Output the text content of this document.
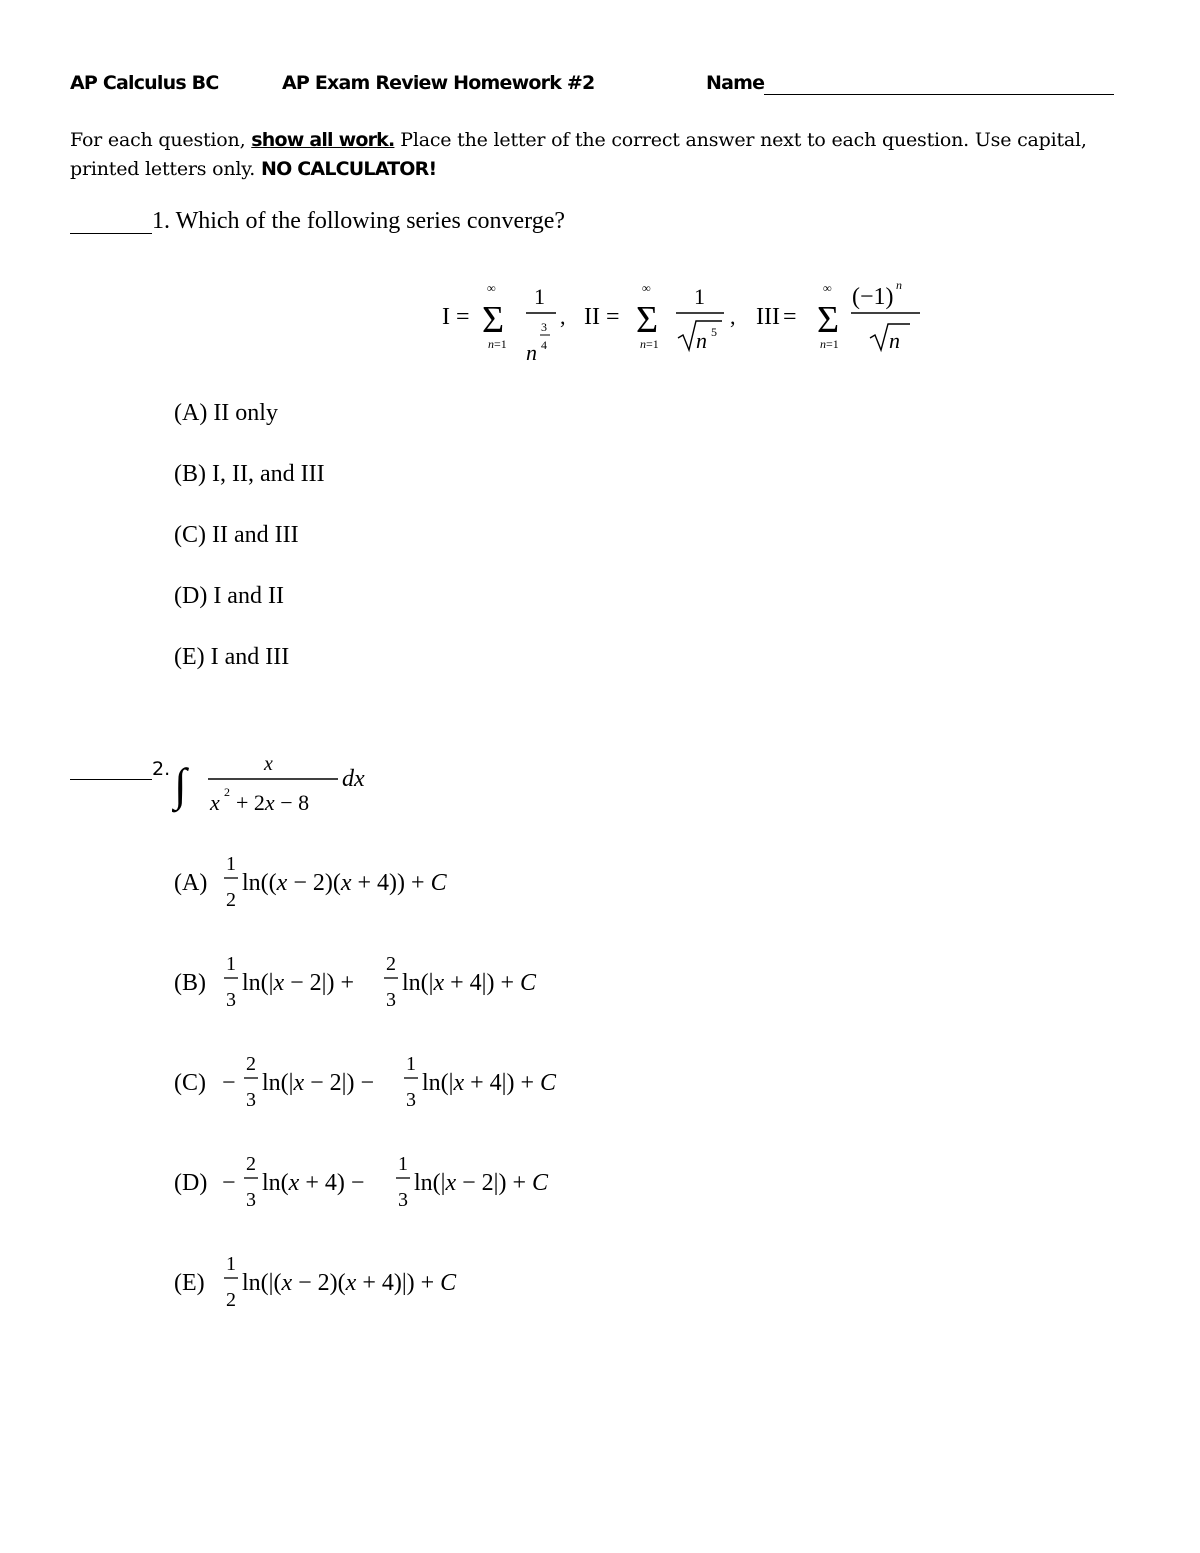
AP Calculus BC	AP Exam Review Homework #2	Name
For each question, show all work. Place the letter of the correct answer next to each question. Use capital, printed letters only. NO CALCULATOR!
1. Which of the following series converge?
I =
∞
Σ
n=1
1
n
3
4
, II =
∞
Σ
n=1
1
n 5
, III =
∞
Σ
n=1
(−1) n
n
(A) II only
(B) I, II, and III
(C) II and III
(D) I and II
(E) I and III
2. ∫	x
x 2 + 2x − 8
dx
(A)
1
2
ln((x − 2)(x + 4)) + C
(B)
1
3
ln(|x − 2|) +
2
3
ln(|x + 4|) + C
(C) −
2
3
ln(|x − 2|) −
1
3
ln(|x + 4|) + C
(D) −
2
3
ln(x + 4) −
1
3
ln(|x − 2|) + C
(E)
1
2
ln(|(x − 2)(x + 4)|) + C
